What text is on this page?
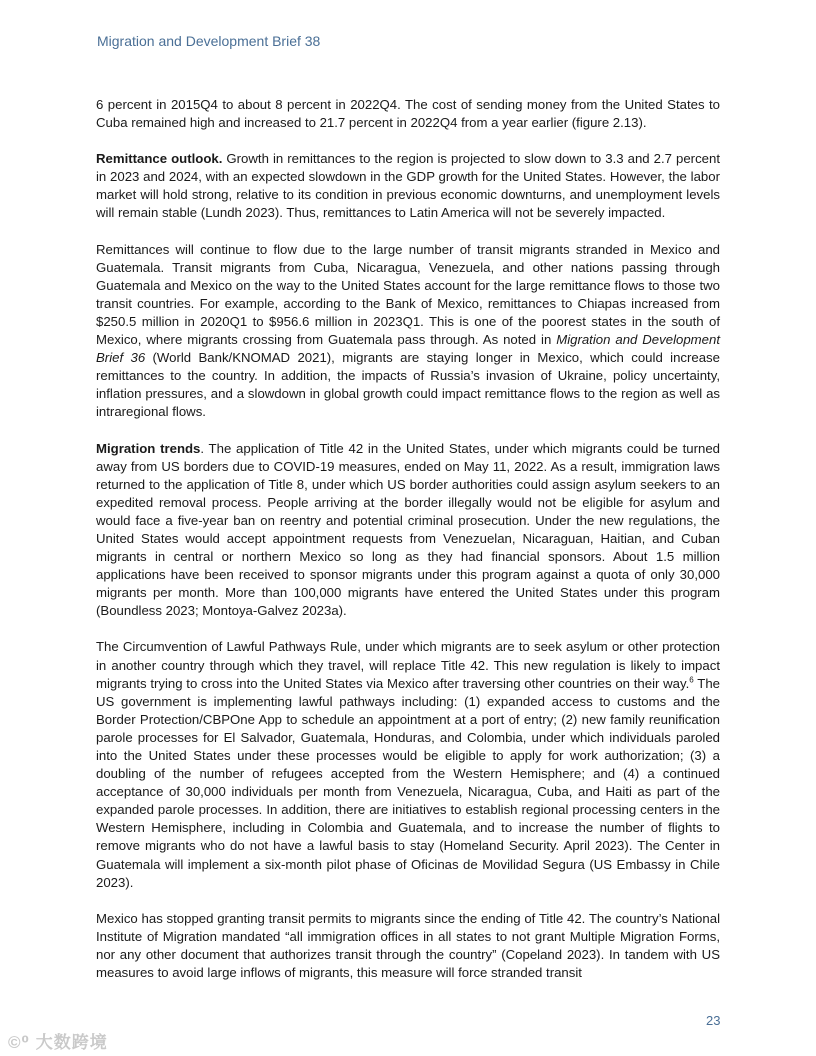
Migration and Development Brief 38

6 percent in 2015Q4 to about 8 percent in 2022Q4. The cost of sending money from the United States to Cuba remained high and increased to 21.7 percent in 2022Q4 from a year earlier (figure 2.13).

Remittance outlook. Growth in remittances to the region is projected to slow down to 3.3 and 2.7 percent in 2023 and 2024, with an expected slowdown in the GDP growth for the United States. However, the labor market will hold strong, relative to its condition in previous economic downturns, and unemployment levels will remain stable (Lundh 2023). Thus, remittances to Latin America will not be severely impacted.

Remittances will continue to flow due to the large number of transit migrants stranded in Mexico and Guatemala. Transit migrants from Cuba, Nicaragua, Venezuela, and other nations passing through Guatemala and Mexico on the way to the United States account for the large remittance flows to those two transit countries. For example, according to the Bank of Mexico, remittances to Chiapas increased from $250.5 million in 2020Q1 to $956.6 million in 2023Q1. This is one of the poorest states in the south of Mexico, where migrants crossing from Guatemala pass through. As noted in Migration and Development Brief 36 (World Bank/KNOMAD 2021), migrants are staying longer in Mexico, which could increase remittances to the country. In addition, the impacts of Russia’s invasion of Ukraine, policy uncertainty, inflation pressures, and a slowdown in global growth could impact remittance flows to the region as well as intraregional flows.

Migration trends. The application of Title 42 in the United States, under which migrants could be turned away from US borders due to COVID-19 measures, ended on May 11, 2022. As a result, immigration laws returned to the application of Title 8, under which US border authorities could assign asylum seekers to an expedited removal process. People arriving at the border illegally would not be eligible for asylum and would face a five-year ban on reentry and potential criminal prosecution. Under the new regulations, the United States would accept appointment requests from Venezuelan, Nicaraguan, Haitian, and Cuban migrants in central or northern Mexico so long as they had financial sponsors. About 1.5 million applications have been received to sponsor migrants under this program against a quota of only 30,000 migrants per month. More than 100,000 migrants have entered the United States under this program (Boundless 2023; Montoya-Galvez 2023a).

The Circumvention of Lawful Pathways Rule, under which migrants are to seek asylum or other protection in another country through which they travel, will replace Title 42. This new regulation is likely to impact migrants trying to cross into the United States via Mexico after traversing other countries on their way.$^6$ The US government is implementing lawful pathways including: (1) expanded access to customs and the Border Protection/CBPOne App to schedule an appointment at a port of entry; (2) new family reunification parole processes for El Salvador, Guatemala, Honduras, and Colombia, under which individuals paroled into the United States under these processes would be eligible to apply for work authorization; (3) a doubling of the number of refugees accepted from the Western Hemisphere; and (4) a continued acceptance of 30,000 individuals per month from Venezuela, Nicaragua, Cuba, and Haiti as part of the expanded parole processes. In addition, there are initiatives to establish regional processing centers in the Western Hemisphere, including in Colombia and Guatemala, and to increase the number of flights to remove migrants who do not have a lawful basis to stay (Homeland Security. April 2023). The Center in Guatemala will implement a six-month pilot phase of Oficinas de Movilidad Segura (US Embassy in Chile 2023).

Mexico has stopped granting transit permits to migrants since the ending of Title 42. The country’s National Institute of Migration mandated “all immigration offices in all states to not grant Multiple Migration Forms, nor any other document that authorizes transit through the country” (Copeland 2023). In tandem with US measures to avoid large inflows of migrants, this measure will force stranded transit

23
©⁰ 大数跨境
